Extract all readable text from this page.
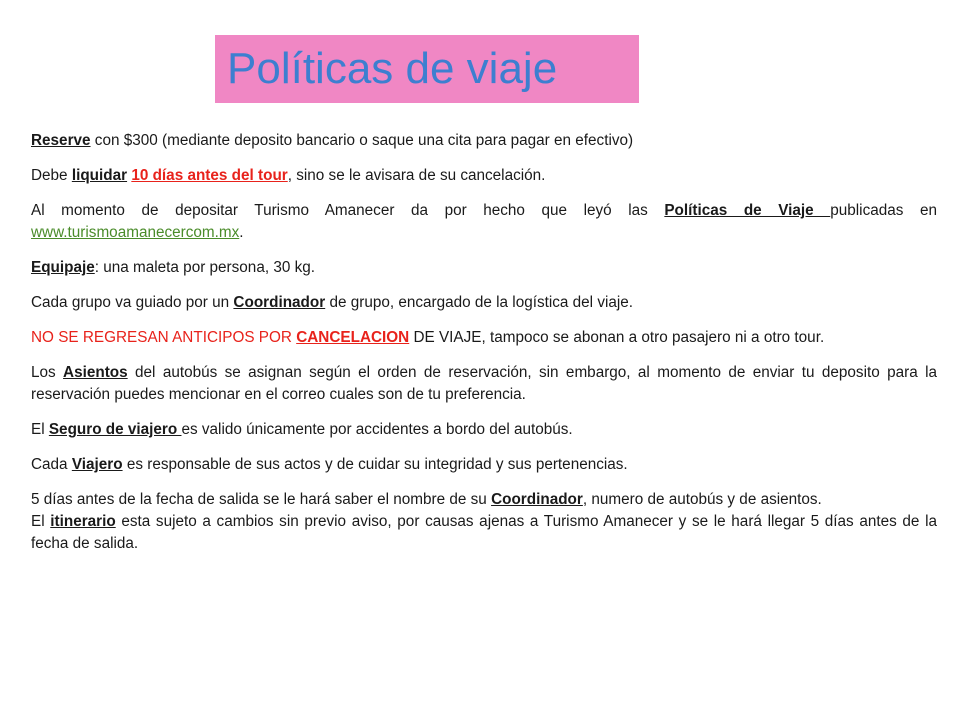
Políticas de viaje

Reserve con $300 (mediante deposito bancario o saque una cita para pagar en efectivo)

Debe liquidar 10 días antes del tour, sino se le avisara de su cancelación.

Al momento de depositar Turismo Amanecer da por hecho que leyó las Políticas de Viaje publicadas en www.turismoamanecercom.mx.

Equipaje: una maleta por persona, 30 kg.

Cada grupo va guiado por un Coordinador de grupo, encargado de la logística del viaje.

NO SE REGRESAN ANTICIPOS POR CANCELACION DE VIAJE, tampoco se abonan a otro pasajero ni a otro tour.

Los Asientos del autobús se asignan según el orden de reservación, sin embargo, al momento de enviar tu deposito para la reservación puedes mencionar en el correo cuales son de tu preferencia.

El Seguro de viajero es valido únicamente por accidentes a bordo del autobús.

Cada Viajero es responsable de sus actos y de cuidar su integridad y sus pertenencias.

5 días antes de la fecha de salida se le hará saber el nombre de su Coordinador, numero de autobús y de asientos.

El itinerario esta sujeto a cambios sin previo aviso, por causas ajenas a Turismo Amanecer y se le hará llegar 5 días antes de la fecha de salida.
